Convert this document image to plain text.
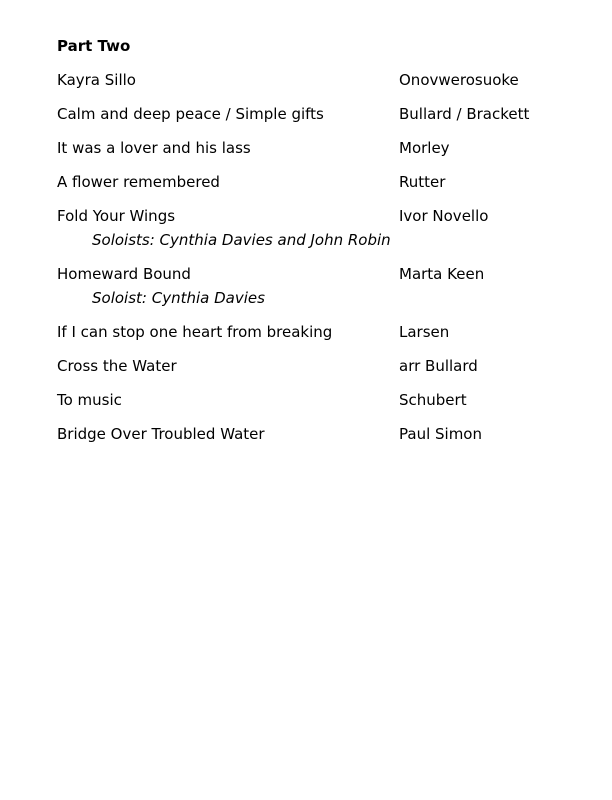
Part Two
Kayra Sillo	Onovwerosuoke
Calm and deep peace / Simple gifts	Bullard / Brackett
It was a lover and his lass	Morley
A flower remembered	Rutter
Fold Your Wings	Ivor Novello
Soloists: Cynthia Davies and John Robin
Homeward Bound	Marta Keen
Soloist: Cynthia Davies
If I can stop one heart from breaking	Larsen
Cross the Water	arr Bullard
To music	Schubert
Bridge Over Troubled Water	Paul Simon
